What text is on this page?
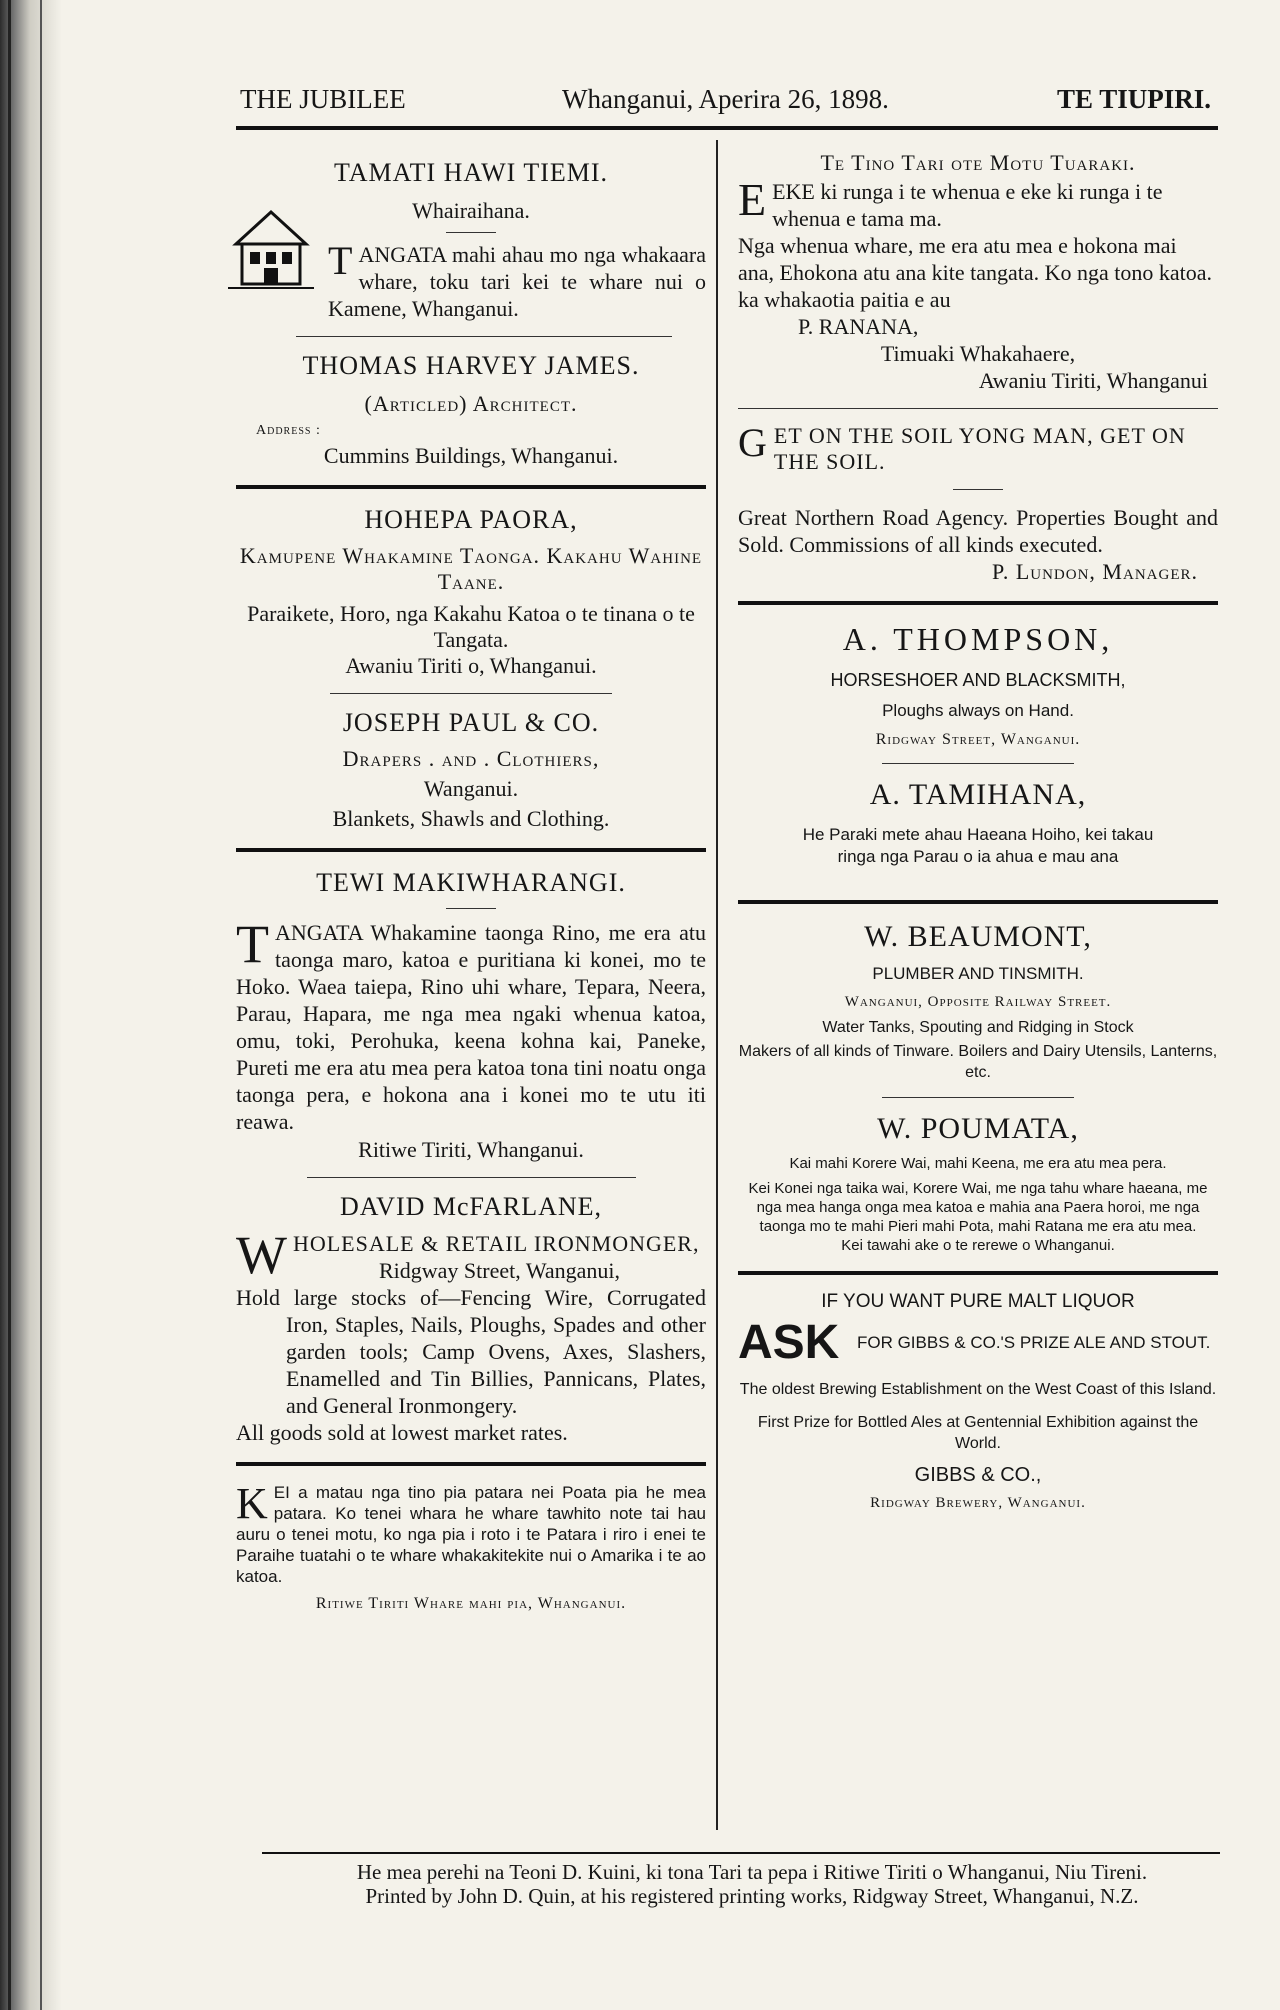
THE JUBILEE	Whanganui, Aperira 26, 1898.	TE TIUPIRI.
TAMATI HAWI TIEMI.
Whairaihana.
T ANGATA mahi ahau mo nga whakaara whare, toku tari kei te whare nui o Kamene, Whanganui.
THOMAS HARVEY JAMES.
(Articled) Architect.
Address :
Cummins Buildings, Whanganui.
HOHEPA PAORA,
Kamupene Whakamine Taonga. Kakahu Wahine Taane.
Paraikete, Horo, nga Kakahu Katoa o te tinana o te Tangata.
Awaniu Tiriti o, Whanganui.
JOSEPH PAUL & CO.
Drapers . and . Clothiers,
Wanganui.
Blankets, Shawls and Clothing.
TEWI MAKIWHARANGI.
T ANGATA Whakamine taonga Rino, me era atu taonga maro, katoa e puritiana ki konei, mo te Hoko. Waea taiepa, Rino uhi whare, Tepara, Neera, Parau, Hapara, me nga mea ngaki whenua katoa, omu, toki, Perohuka, keena kohna kai, Paneke, Pureti me era atu mea pera katoa tona tini noatu onga taonga pera, e hokona ana i konei mo te utu iti reawa.
Ritiwe Tiriti, Whanganui.
DAVID McFARLANE,
W HOLESALE & RETAIL IRONMONGER,
Ridgway Street, Wanganui,
Hold large stocks of—Fencing Wire, Corrugated Iron, Staples, Nails, Ploughs, Spades and other garden tools; Camp Ovens, Axes, Slashers, Enamelled and Tin Billies, Pannicans, Plates, and General Ironmongery.
All goods sold at lowest market rates.
K EI a matau nga tino pia patara nei Poata pia he mea patara. Ko tenei whara he whare tawhito note tai hau auru o tenei motu, ko nga pia i roto i te Patara i riro i enei te Paraihe tuatahi o te whare whakakitekite nui o Amarika i te ao katoa.
Ritiwe Tiriti Whare mahi pia, Whanganui.
Te Tino Tari ote Motu Tuaraki.
E EKE ki runga i te whenua e eke ki runga i te whenua e tama ma.
Nga whenua whare, me era atu mea e hokona mai ana, Ehokona atu ana kite tangata. Ko nga tono katoa. ka whakaotia paitia e au
P. RANANA,
Timuaki Whakahaere,
Awaniu Tiriti, Whanganui
G ET ON THE SOIL YONG MAN, GET ON THE SOIL.
Great Northern Road Agency. Properties Bought and Sold. Commissions of all kinds executed.
P. Lundon, Manager.
A. THOMPSON,
HORSESHOER AND BLACKSMITH,
Ploughs always on Hand.
Ridgway Street, Wanganui.
A. TAMIHANA,
He Paraki mete ahau Haeana Hoiho, kei takau ringa nga Parau o ia ahua e mau ana
W. BEAUMONT,
PLUMBER AND TINSMITH.
Wanganui, Opposite Railway Street.
Water Tanks, Spouting and Ridging in Stock
Makers of all kinds of Tinware. Boilers and Dairy Utensils, Lanterns, etc.
W. POUMATA,
Kai mahi Korere Wai, mahi Keena, me era atu mea pera.
Kei Konei nga taika wai, Korere Wai, me nga tahu whare haeana, me nga mea hanga onga mea katoa e mahia ana Paera horoi, me nga taonga mo te mahi Pieri mahi Pota, mahi Ratana me era atu mea.
Kei tawahi ake o te rerewe o Whanganui.
IF YOU WANT PURE MALT LIQUOR
ASK	FOR GIBBS & CO.'S PRIZE ALE AND STOUT.
The oldest Brewing Establishment on the West Coast of this Island.
First Prize for Bottled Ales at Gentennial Exhibition against the World.
GIBBS & CO.,
Ridgway Brewery, Wanganui.
He mea perehi na Teoni D. Kuini, ki tona Tari ta pepa i Ritiwe Tiriti o Whanganui, Niu Tireni.
Printed by John D. Quin, at his registered printing works, Ridgway Street, Whanganui, N.Z.
